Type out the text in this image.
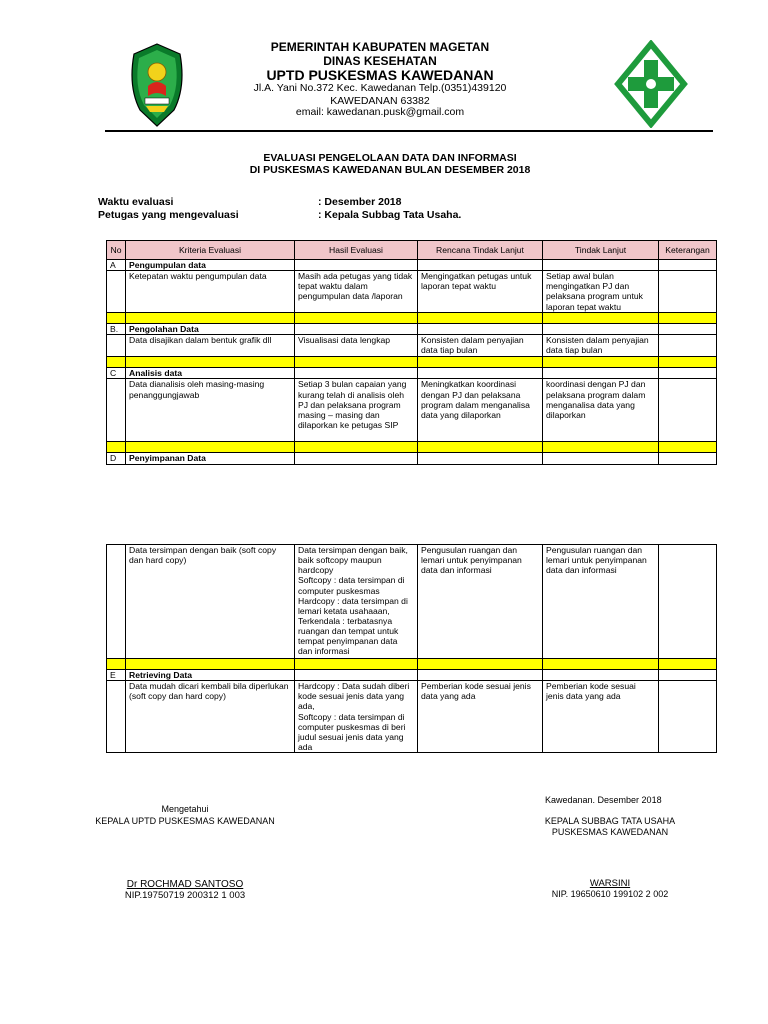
PEMERINTAH KABUPATEN MAGETAN
DINAS KESEHATAN
UPTD PUSKESMAS KAWEDANAN
Jl.A. Yani No.372 Kec. Kawedanan Telp.(0351)439120
KAWEDANAN 63382
email: kawedanan.pusk@gmail.com
EVALUASI PENGELOLAAN DATA DAN INFORMASI
DI PUSKESMAS KAWEDANAN BULAN DESEMBER 2018
Waktu evaluasi	: Desember 2018
Petugas yang mengevaluasi	: Kepala Subbag Tata Usaha.
No	Kriteria Evaluasi	Hasil Evaluasi	Rencana Tindak Lanjut	Tindak Lanjut	Keterangan
A	Pengumpulan data				
	Ketepatan waktu pengumpulan data	Masih ada petugas yang tidak tepat waktu dalam pengumpulan data /laporan	Mengingatkan petugas untuk laporan tepat waktu	Setiap awal bulan mengingatkan PJ dan pelaksana program untuk laporan tepat waktu	

B.	Pengolahan Data				
	Data disajikan dalam bentuk grafik dll	Visualisasi data lengkap	Konsisten dalam penyajian data tiap bulan	Konsisten dalam penyajian data tiap bulan	

C	Analisis data				
	Data dianalisis oleh masing-masing penanggungjawab	Setiap 3 bulan capaian yang kurang telah di analisis oleh PJ dan pelaksana program masing – masing dan dilaporkan ke petugas SIP	Meningkatkan koordinasi dengan PJ dan pelaksana program dalam menganalisa data yang dilaporkan	koordinasi dengan PJ dan pelaksana program dalam menganalisa data yang dilaporkan	

D	Penyimpanan Data				
	Data tersimpan dengan baik (soft copy dan hard copy)	Data tersimpan dengan baik, baik softcopy maupun hardcopy
Softcopy : data tersimpan di computer puskesmas
Hardcopy : data tersimpan di lemari ketata usahaaan,
Terkendala : terbatasnya ruangan dan tempat untuk tempat penyimpanan data dan informasi	Pengusulan ruangan dan lemari untuk penyimpanan data dan informasi	Pengusulan ruangan dan lemari untuk penyimpanan data dan informasi	

E	Retrieving Data				
	Data mudah dicari kembali bila diperlukan (soft copy dan hard copy)	Hardcopy : Data sudah diberi kode sesuai jenis data yang ada,
Softcopy : data tersimpan di computer puskesmas di beri judul sesuai jenis data yang ada	Pemberian kode sesuai jenis data yang ada	Pemberian kode sesuai jenis data yang ada	
Kawedanan. Desember 2018
Mengetahui
KEPALA UPTD PUSKESMAS KAWEDANAN	KEPALA SUBBAG TATA USAHA
PUSKESMAS KAWEDANAN
Dr ROCHMAD SANTOSO
NIP.19750719 200312 1 003
WARSINI
NIP. 19650610 199102 2 002
